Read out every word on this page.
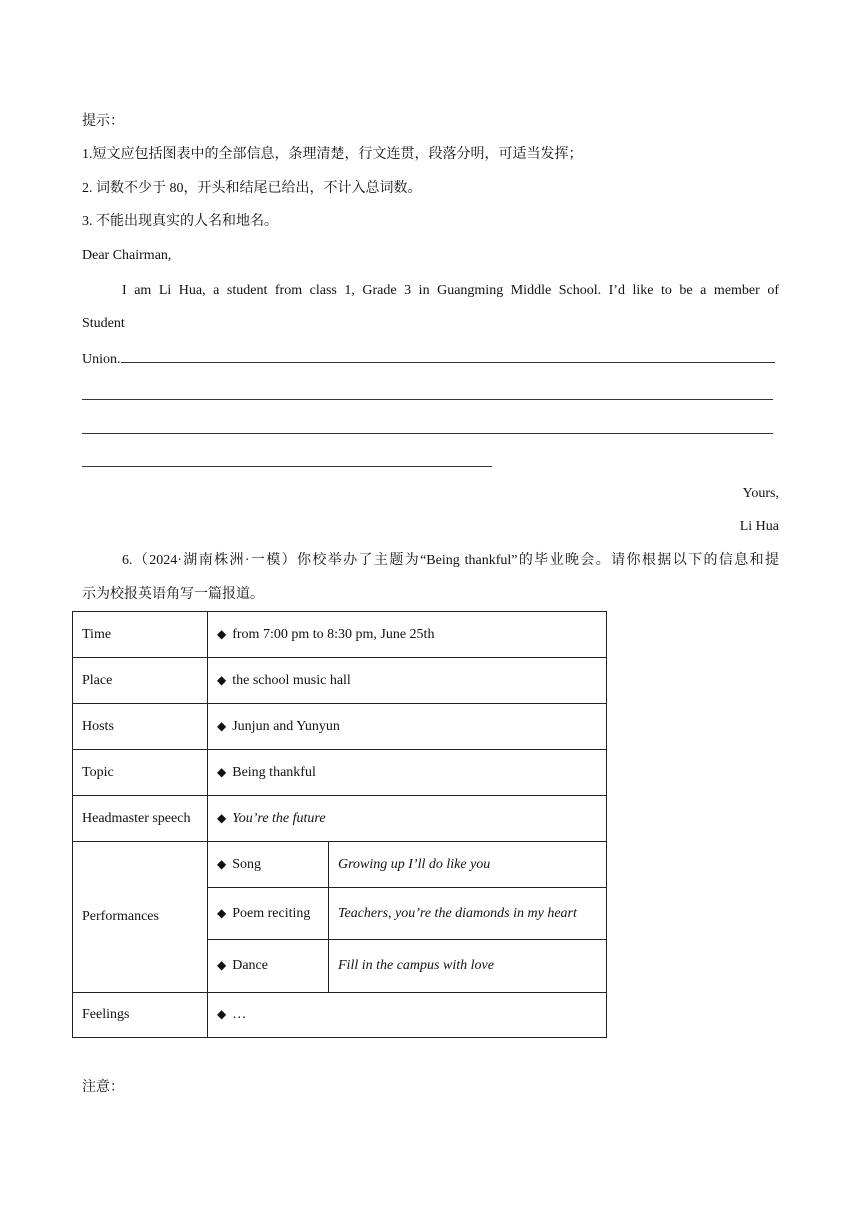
提示：
1.短文应包括图表中的全部信息，条理清楚，行文连贯，段落分明，可适当发挥；
2. 词数不少于 80，开头和结尾已给出，不计入总词数。
3. 不能出现真实的人名和地名。
Dear Chairman,
I am Li Hua, a student from class 1, Grade 3 in Guangming Middle School. I’d like to be a member of
Student
Union.
Yours,
Li Hua
6.（2024·湖南株洲·一模）你校举办了主题为“Being thankful”的毕业晚会。请你根据以下的信息和提
示为校报英语角写一篇报道。
注意：
Time	◆ from 7:00 pm to 8:30 pm, June 25th	
Place	◆ the school music hall	
Hosts	◆ Junjun and Yunyun	
Topic	◆ Being thankful	
Headmaster speech	◆ You’re the future	
Performances	◆ Song	Growing up I’ll do like you
	◆ Poem reciting	Teachers, you’re the diamonds in my heart
	◆ Dance	Fill in the campus with love
Feelings	◆ …	
